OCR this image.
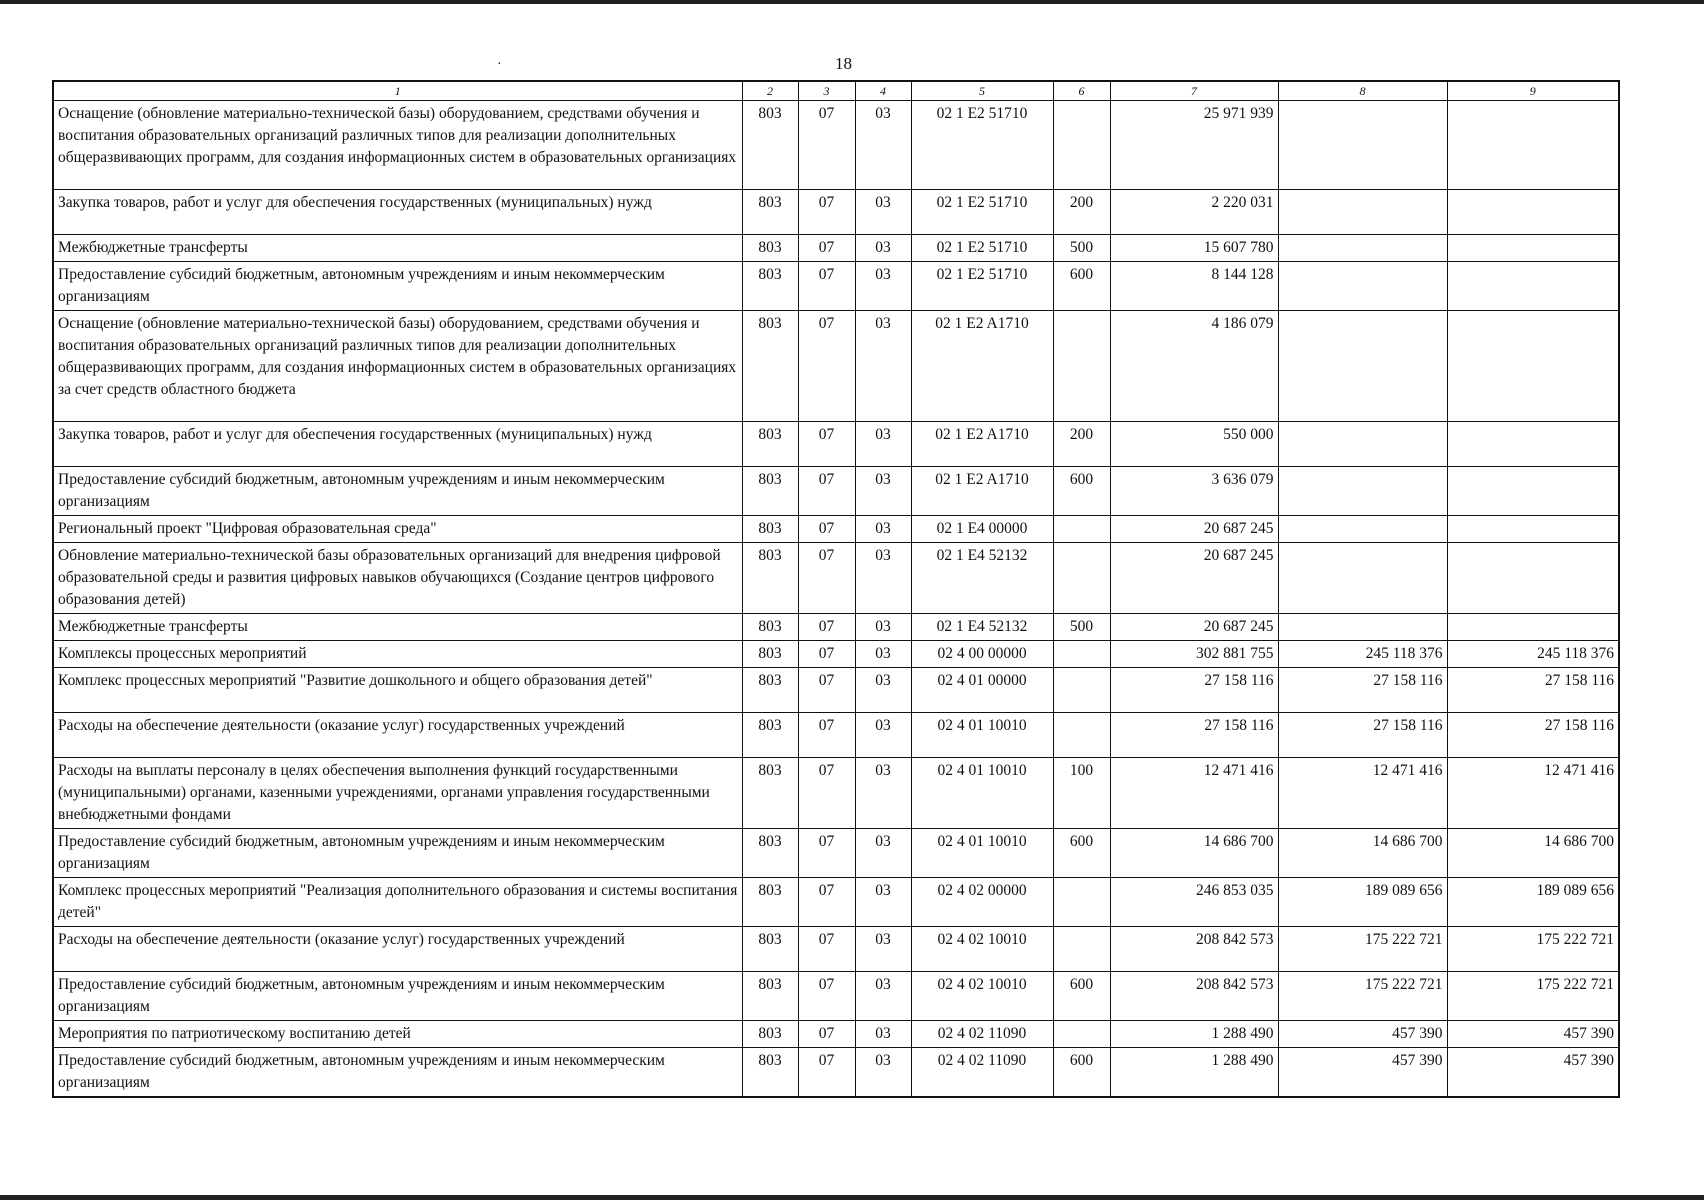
·	18
1	2	3	4	5	6	7	8	9
Оснащение (обновление материально-технической базы) оборудованием, средствами обучения и воспитания образовательных организаций различных типов для реализации дополнительных общеразвивающих программ, для создания информационных систем в образовательных организациях	803	07	03	02 1 E2 51710		25 971 939		
Закупка товаров, работ и услуг для обеспечения государственных (муниципальных) нужд	803	07	03	02 1 E2 51710	200	2 220 031		
Межбюджетные трансферты	803	07	03	02 1 E2 51710	500	15 607 780		
Предоставление субсидий бюджетным, автономным учреждениям и иным некоммерческим организациям	803	07	03	02 1 E2 51710	600	8 144 128		
Оснащение (обновление материально-технической базы) оборудованием, средствами обучения и воспитания образовательных организаций различных типов для реализации дополнительных общеразвивающих программ, для создания информационных систем в образовательных организациях за счет средств областного бюджета	803	07	03	02 1 E2 A1710		4 186 079		
Закупка товаров, работ и услуг для обеспечения государственных (муниципальных) нужд	803	07	03	02 1 E2 A1710	200	550 000		
Предоставление субсидий бюджетным, автономным учреждениям и иным некоммерческим организациям	803	07	03	02 1 E2 A1710	600	3 636 079		
Региональный проект "Цифровая образовательная среда"	803	07	03	02 1 E4 00000		20 687 245		
Обновление материально-технической базы образовательных организаций для внедрения цифровой образовательной среды и развития цифровых навыков обучающихся (Создание центров цифрового образования детей)	803	07	03	02 1 E4 52132		20 687 245		
Межбюджетные трансферты	803	07	03	02 1 E4 52132	500	20 687 245		
Комплексы процессных мероприятий	803	07	03	02 4 00 00000		302 881 755	245 118 376	245 118 376
Комплекс процессных мероприятий "Развитие дошкольного и общего образования детей"	803	07	03	02 4 01 00000		27 158 116	27 158 116	27 158 116
Расходы на обеспечение деятельности (оказание услуг) государственных учреждений	803	07	03	02 4 01 10010		27 158 116	27 158 116	27 158 116
Расходы на выплаты персоналу в целях обеспечения выполнения функций государственными (муниципальными) органами, казенными учреждениями, органами управления государственными внебюджетными фондами	803	07	03	02 4 01 10010	100	12 471 416	12 471 416	12 471 416
Предоставление субсидий бюджетным, автономным учреждениям и иным некоммерческим организациям	803	07	03	02 4 01 10010	600	14 686 700	14 686 700	14 686 700
Комплекс процессных мероприятий "Реализация дополнительного образования и системы воспитания детей"	803	07	03	02 4 02 00000		246 853 035	189 089 656	189 089 656
Расходы на обеспечение деятельности (оказание услуг) государственных учреждений	803	07	03	02 4 02 10010		208 842 573	175 222 721	175 222 721
Предоставление субсидий бюджетным, автономным учреждениям и иным некоммерческим организациям	803	07	03	02 4 02 10010	600	208 842 573	175 222 721	175 222 721
Мероприятия по патриотическому воспитанию детей	803	07	03	02 4 02 11090		1 288 490	457 390	457 390
Предоставление субсидий бюджетным, автономным учреждениям и иным некоммерческим организациям	803	07	03	02 4 02 11090	600	1 288 490	457 390	457 390
